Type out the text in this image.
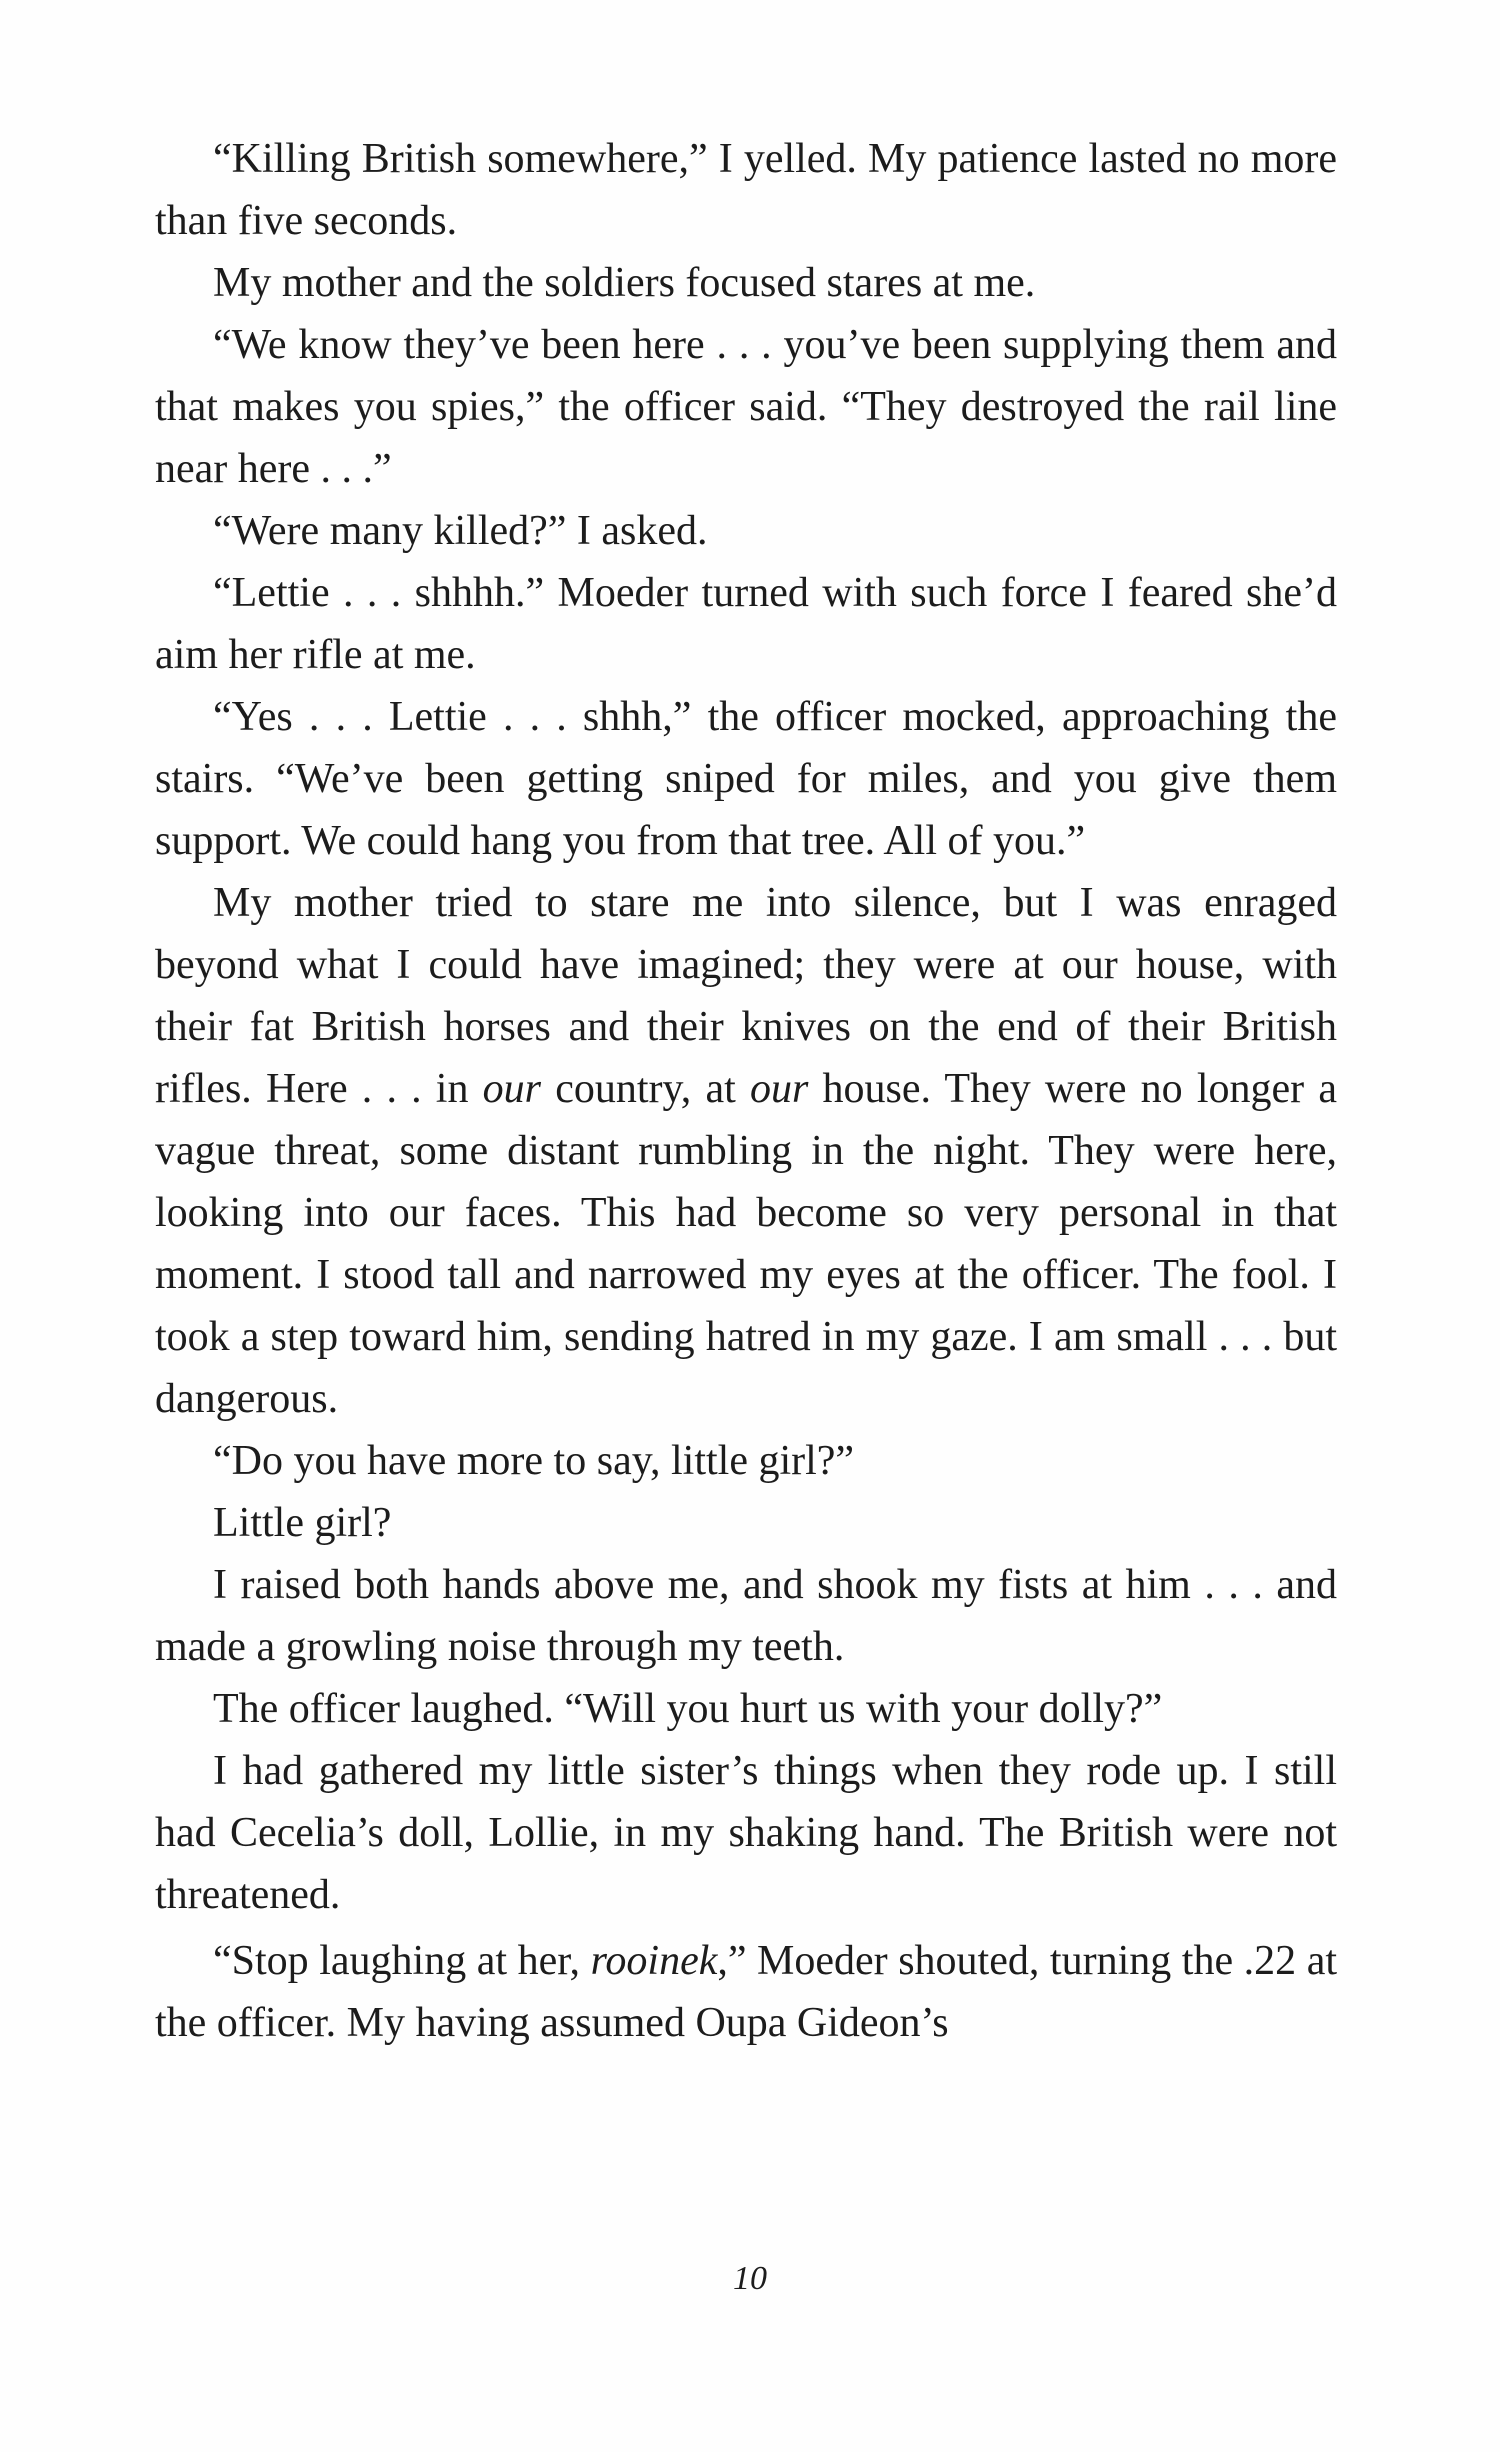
“Killing British somewhere,” I yelled. My patience lasted no more than five seconds.

My mother and the soldiers focused stares at me.

“We know they’ve been here . . . you’ve been supplying them and that makes you spies,” the officer said. “They destroyed the rail line near here . . .”

“Were many killed?” I asked.

“Lettie . . . shhhh.” Moeder turned with such force I feared she’d aim her rifle at me.

“Yes . . . Lettie . . . shhh,” the officer mocked, approaching the stairs. “We’ve been getting sniped for miles, and you give them support. We could hang you from that tree. All of you.”

My mother tried to stare me into silence, but I was enraged beyond what I could have imagined; they were at our house, with their fat British horses and their knives on the end of their British rifles. Here . . . in our country, at our house. They were no longer a vague threat, some distant rumbling in the night. They were here, looking into our faces. This had become so very personal in that moment. I stood tall and narrowed my eyes at the officer. The fool. I took a step toward him, sending hatred in my gaze. I am small . . . but dangerous.

“Do you have more to say, little girl?”

Little girl?

I raised both hands above me, and shook my fists at him . . . and made a growling noise through my teeth.

The officer laughed. “Will you hurt us with your dolly?”

I had gathered my little sister’s things when they rode up. I still had Cecelia’s doll, Lollie, in my shaking hand. The British were not threatened.

“Stop laughing at her, rooinek,” Moeder shouted, turning the .22 at the officer. My having assumed Oupa Gideon’s

10
